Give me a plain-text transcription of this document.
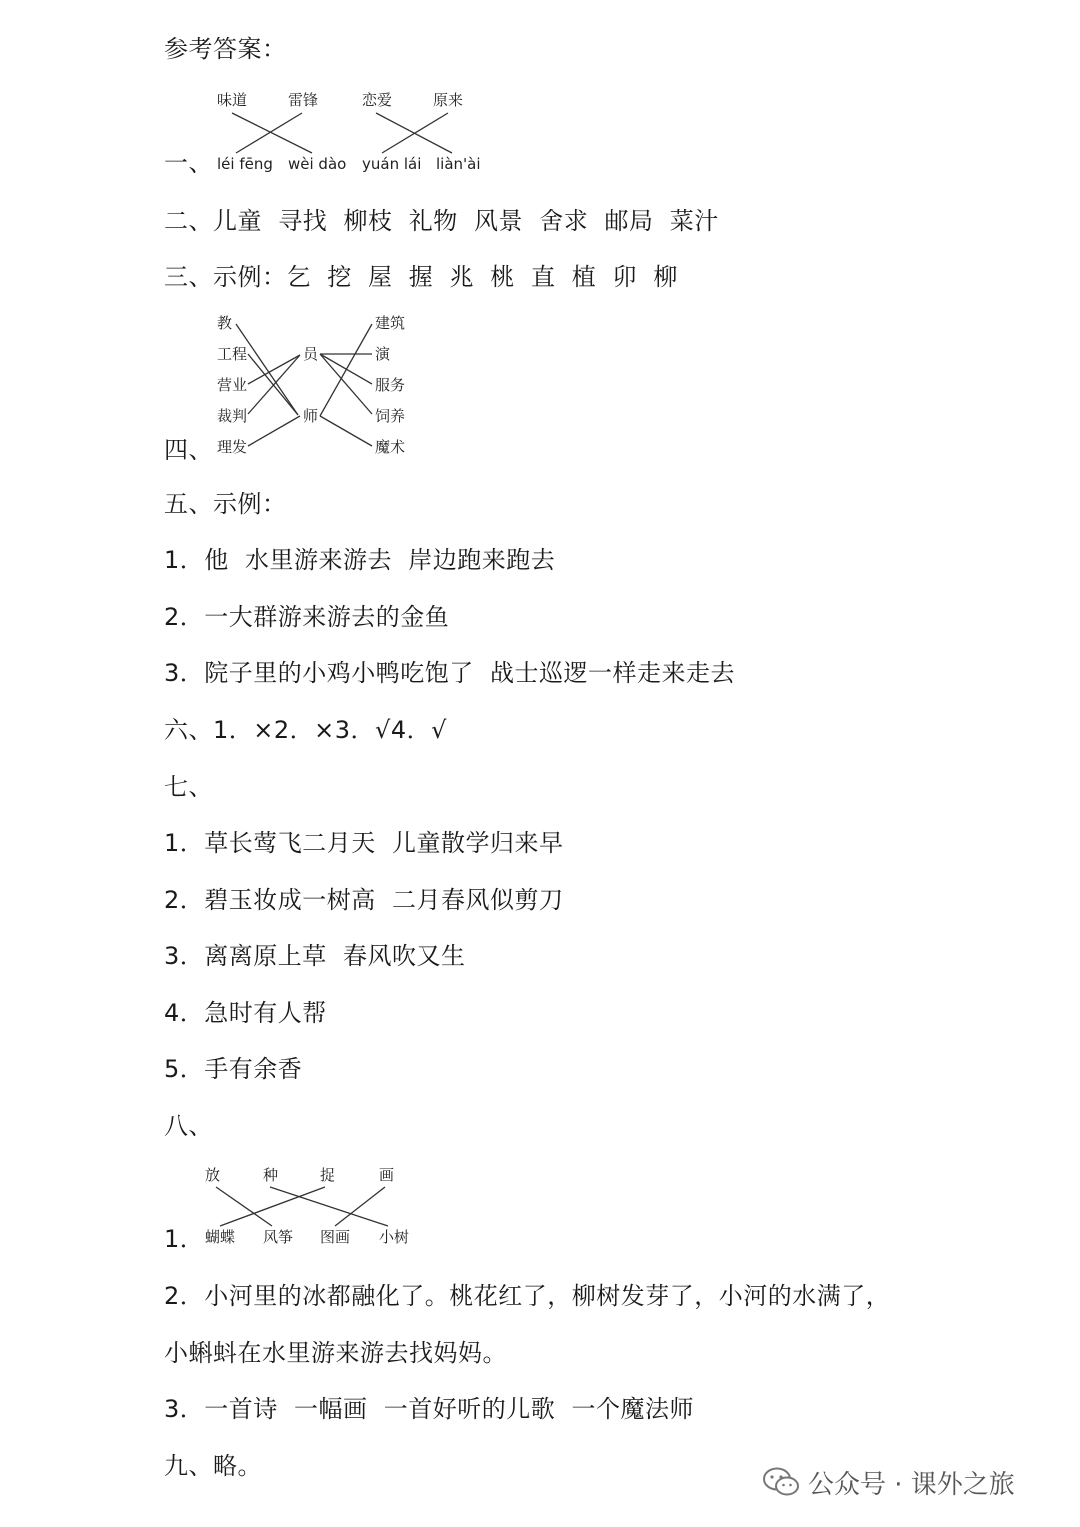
参考答案：
味道	雷锋	恋爱	原来
一、 léi fēng wèi dào yuán lái liàn'ài
二、儿童  寻找  柳枝  礼物  风景  舍求  邮局  菜汁
三、示例：乞  挖  屋  握  兆  桃  直  植  卯  柳
教
工程
营业
裁判
理发
员
师
建筑
演
服务
饲养
魔术
四、
五、示例：
1．他  水里游来游去  岸边跑来跑去
2．一大群游来游去的金鱼
3．院子里的小鸡小鸭吃饱了  战士巡逻一样走来走去
六、1．×2．×3．√4．√
七、
1．草长莺飞二月天  儿童散学归来早
2．碧玉妆成一树高  二月春风似剪刀
3．离离原上草  春风吹又生
4．急时有人帮
5．手有余香
八、
放	种	捉	画
1． 蝴蝶 风筝 图画 小树
2．小河里的冰都融化了。桃花红了，柳树发芽了，小河的水满了，
小蝌蚪在水里游来游去找妈妈。
3．一首诗  一幅画  一首好听的儿歌  一个魔法师
九、略。
公众号 · 课外之旅
